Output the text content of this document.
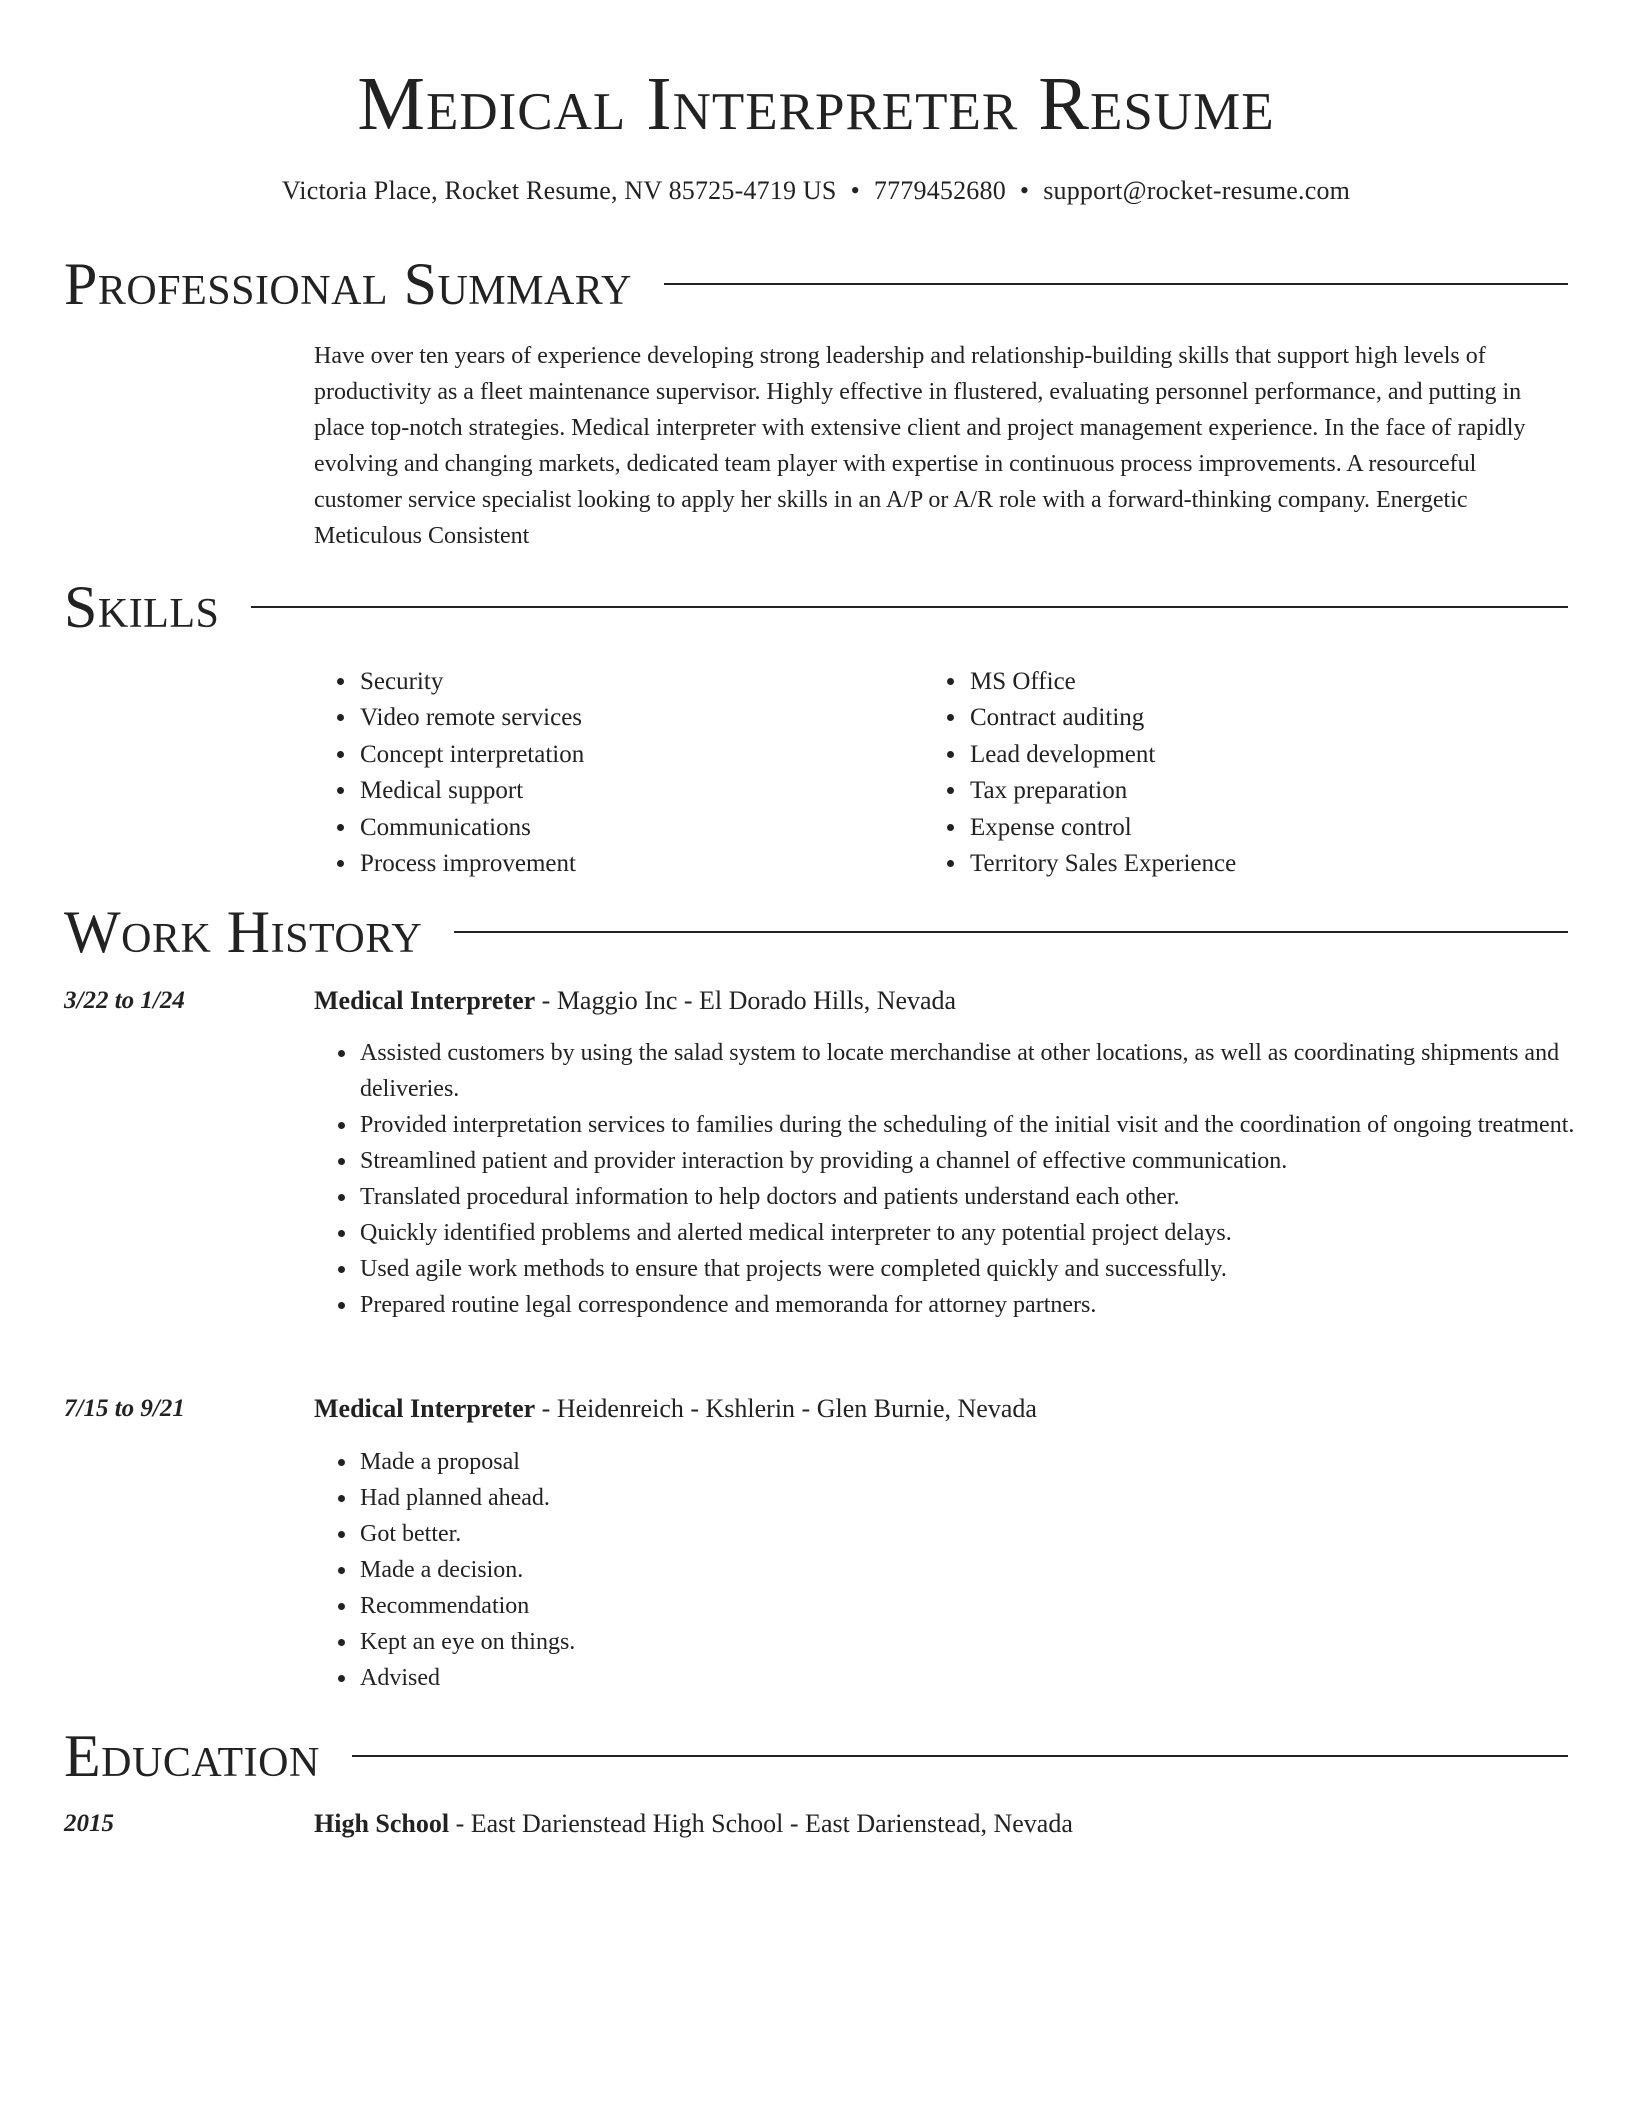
Medical Interpreter Resume
Victoria Place, Rocket Resume, NV 85725-4719 US • 7779452680 • support@rocket-resume.com
Professional Summary

Have over ten years of experience developing strong leadership and relationship-building skills that support high levels of productivity as a fleet maintenance supervisor. Highly effective in flustered, evaluating personnel performance, and putting in place top-notch strategies. Medical interpreter with extensive client and project management experience. In the face of rapidly evolving and changing markets, dedicated team player with expertise in continuous process improvements. A resourceful customer service specialist looking to apply her skills in an A/P or A/R role with a forward-thinking company. Energetic Meticulous Consistent

Skills
• Security
• Video remote services
• Concept interpretation
• Medical support
• Communications
• Process improvement
• MS Office
• Contract auditing
• Lead development
• Tax preparation
• Expense control
• Territory Sales Experience
Work History
3/22 to 1/24	Medical Interpreter - Maggio Inc - El Dorado Hills, Nevada
• Assisted customers by using the salad system to locate merchandise at other locations, as well as coordinating shipments and deliveries.
• Provided interpretation services to families during the scheduling of the initial visit and the coordination of ongoing treatment.
• Streamlined patient and provider interaction by providing a channel of effective communication.
• Translated procedural information to help doctors and patients understand each other.
• Quickly identified problems and alerted medical interpreter to any potential project delays.
• Used agile work methods to ensure that projects were completed quickly and successfully.
• Prepared routine legal correspondence and memoranda for attorney partners.
7/15 to 9/21	Medical Interpreter - Heidenreich - Kshlerin - Glen Burnie, Nevada
• Made a proposal
• Had planned ahead.
• Got better.
• Made a decision.
• Recommendation
• Kept an eye on things.
• Advised
Education
2015	High School - East Darienstead High School - East Darienstead, Nevada
